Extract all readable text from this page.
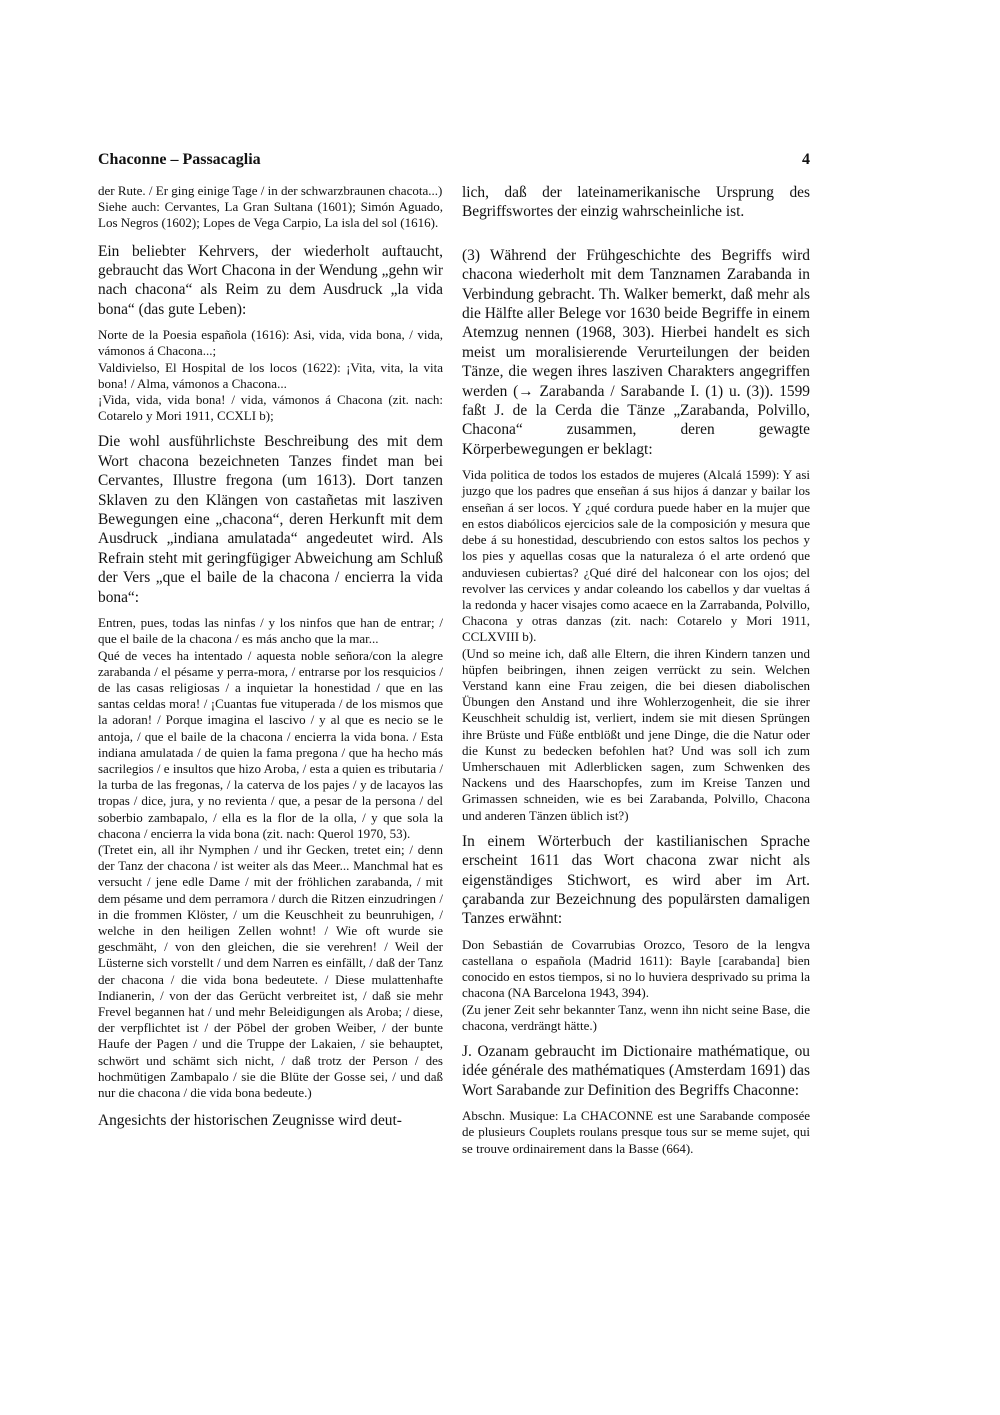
Chaconne – Passacaglia	4

der Rute. / Er ging einige Tage / in der schwarzbraunen chacota...)

Siehe auch: Cervantes, La Gran Sultana (1601); Simón Aguado, Los Negros (1602); Lopes de Vega Carpio, La isla del sol (1616).

Ein beliebter Kehrvers, der wiederholt auftaucht, gebraucht das Wort Chacona in der Wendung „gehn wir nach chacona“ als Reim zu dem Ausdruck „la vida bona“ (das gute Leben):

Norte de la Poesia española (1616): Asi, vida, vida bona, / vida, vámonos á Chacona...;

Valdivielso, El Hospital de los locos (1622): ¡Vita, vita, la vita bona! / Alma, vámonos a Chacona...

¡Vida, vida, vida bona! / vida, vámonos á Chacona (zit. nach: Cotarelo y Mori 1911, CCXLI b);

Die wohl ausführlichste Beschreibung des mit dem Wort chacona bezeichneten Tanzes findet man bei Cervantes, Illustre fregona (um 1613). Dort tanzen Sklaven zu den Klängen von castañetas mit lasziven Bewegungen eine „chacona“, deren Herkunft mit dem Ausdruck „indiana amulatada“ angedeutet wird. Als Refrain steht mit geringfügiger Abweichung am Schluß der Vers „que el baile de la chacona / encierra la vida bona“:

Entren, pues, todas las ninfas / y los ninfos que han de entrar; / que el baile de la chacona / es más ancho que la mar...

Qué de veces ha intentado / aquesta noble señora/con la alegre zarabanda / el pésame y perra-mora, / entrarse por los resquicios / de las casas religiosas / a inquietar la honestidad / que en las santas celdas mora! / ¡Cuantas fue vituperada / de los mismos que la adoran! / Porque imagina el lascivo / y al que es necio se le antoja, / que el baile de la chacona / encierra la vida bona. / Esta indiana amulatada / de quien la fama pregona / que ha hecho más sacrilegios / e insultos que hizo Aroba, / esta a quien es tributaria / la turba de las fregonas, / la caterva de los pajes / y de lacayos las tropas / dice, jura, y no revienta / que, a pesar de la persona / del soberbio zambapalo, / ella es la flor de la olla, / y que sola la chacona / encierra la vida bona (zit. nach: Querol 1970, 53).

(Tretet ein, all ihr Nymphen / und ihr Gecken, tretet ein; / denn der Tanz der chacona / ist weiter als das Meer... Manchmal hat es versucht / jene edle Dame / mit der fröhlichen zarabanda, / mit dem pésame und dem perramora / durch die Ritzen einzudringen / in die frommen Klöster, / um die Keuschheit zu beunruhigen, / welche in den heiligen Zellen wohnt! / Wie oft wurde sie geschmäht, / von den gleichen, die sie verehren! / Weil der Lüsterne sich vorstellt / und dem Narren es einfällt, / daß der Tanz der chacona / die vida bona bedeutete. / Diese mulattenhafte Indianerin, / von der das Gerücht verbreitet ist, / daß sie mehr Frevel begannen hat / und mehr Beleidigungen als Aroba; / diese, der verpflichtet ist / der Pöbel der groben Weiber, / der bunte Haufe der Pagen / und die Truppe der Lakaien, / sie behauptet, schwört und schämt sich nicht, / daß trotz der Person / des hochmütigen Zambapalo / sie die Blüte der Gosse sei, / und daß nur die chacona / die vida bona bedeute.)

Angesichts der historischen Zeugnisse wird deut-

lich, daß der lateinamerikanische Ursprung des Begriffswortes der einzig wahrscheinliche ist.

(3) Während der Frühgeschichte des Begriffs wird chacona wiederholt mit dem Tanznamen Zarabanda in Verbindung gebracht. Th. Walker bemerkt, daß mehr als die Hälfte aller Belege vor 1630 beide Begriffe in einem Atemzug nennen (1968, 303). Hierbei handelt es sich meist um moralisierende Verurteilungen der beiden Tänze, die wegen ihres lasziven Charakters angegriffen werden (→ Zarabanda / Sarabande I. (1) u. (3)). 1599 faßt J. de la Cerda die Tänze „Zarabanda, Polvillo, Chacona“ zusammen, deren gewagte Körperbewegungen er beklagt:

Vida politica de todos los estados de mujeres (Alcalá 1599): Y asi juzgo que los padres que enseñan á sus hijos á danzar y bailar los enseñan á ser locos. Y ¿qué cordura puede haber en la mujer que en estos diabólicos ejercicios sale de la composición y mesura que debe á su honestidad, descubriendo con estos saltos los pechos y los pies y aquellas cosas que la naturaleza ó el arte ordenó que anduviesen cubiertas? ¿Qué diré del halconear con los ojos; del revolver las cervices y andar coleando los cabellos y dar vueltas á la redonda y hacer visajes como acaece en la Zarrabanda, Polvillo, Chacona y otras danzas (zit. nach: Cotarelo y Mori 1911, CCLXVIII b).

(Und so meine ich, daß alle Eltern, die ihren Kindern tanzen und hüpfen beibringen, ihnen zeigen verrückt zu sein. Welchen Verstand kann eine Frau zeigen, die bei diesen diabolischen Übungen den Anstand und ihre Wohlerzogenheit, die sie ihrer Keuschheit schuldig ist, verliert, indem sie mit diesen Sprüngen ihre Brüste und Füße entblößt und jene Dinge, die die Natur oder die Kunst zu bedecken befohlen hat? Und was soll ich zum Umherschauen mit Adlerblicken sagen, zum Schwenken des Nackens und des Haarschopfes, zum im Kreise Tanzen und Grimassen schneiden, wie es bei Zarabanda, Polvillo, Chacona und anderen Tänzen üblich ist?)

In einem Wörterbuch der kastilianischen Sprache erscheint 1611 das Wort chacona zwar nicht als eigenständiges Stichwort, es wird aber im Art. çarabanda zur Bezeichnung des populärsten damaligen Tanzes erwähnt:

Don Sebastián de Covarrubias Orozco, Tesoro de la lengva castellana o española (Madrid 1611): Bayle [carabanda] bien conocido en estos tiempos, si no lo huviera desprivado su prima la chacona (NA Barcelona 1943, 394).

(Zu jener Zeit sehr bekannter Tanz, wenn ihn nicht seine Base, die chacona, verdrängt hätte.)

J. Ozanam gebraucht im Dictionaire mathématique, ou idée générale des mathématiques (Amsterdam 1691) das Wort Sarabande zur Definition des Begriffs Chaconne:

Abschn. Musique: La CHACONNE est une Sarabande composée de plusieurs Couplets roulans presque tous sur se meme sujet, qui se trouve ordinairement dans la Basse (664).
